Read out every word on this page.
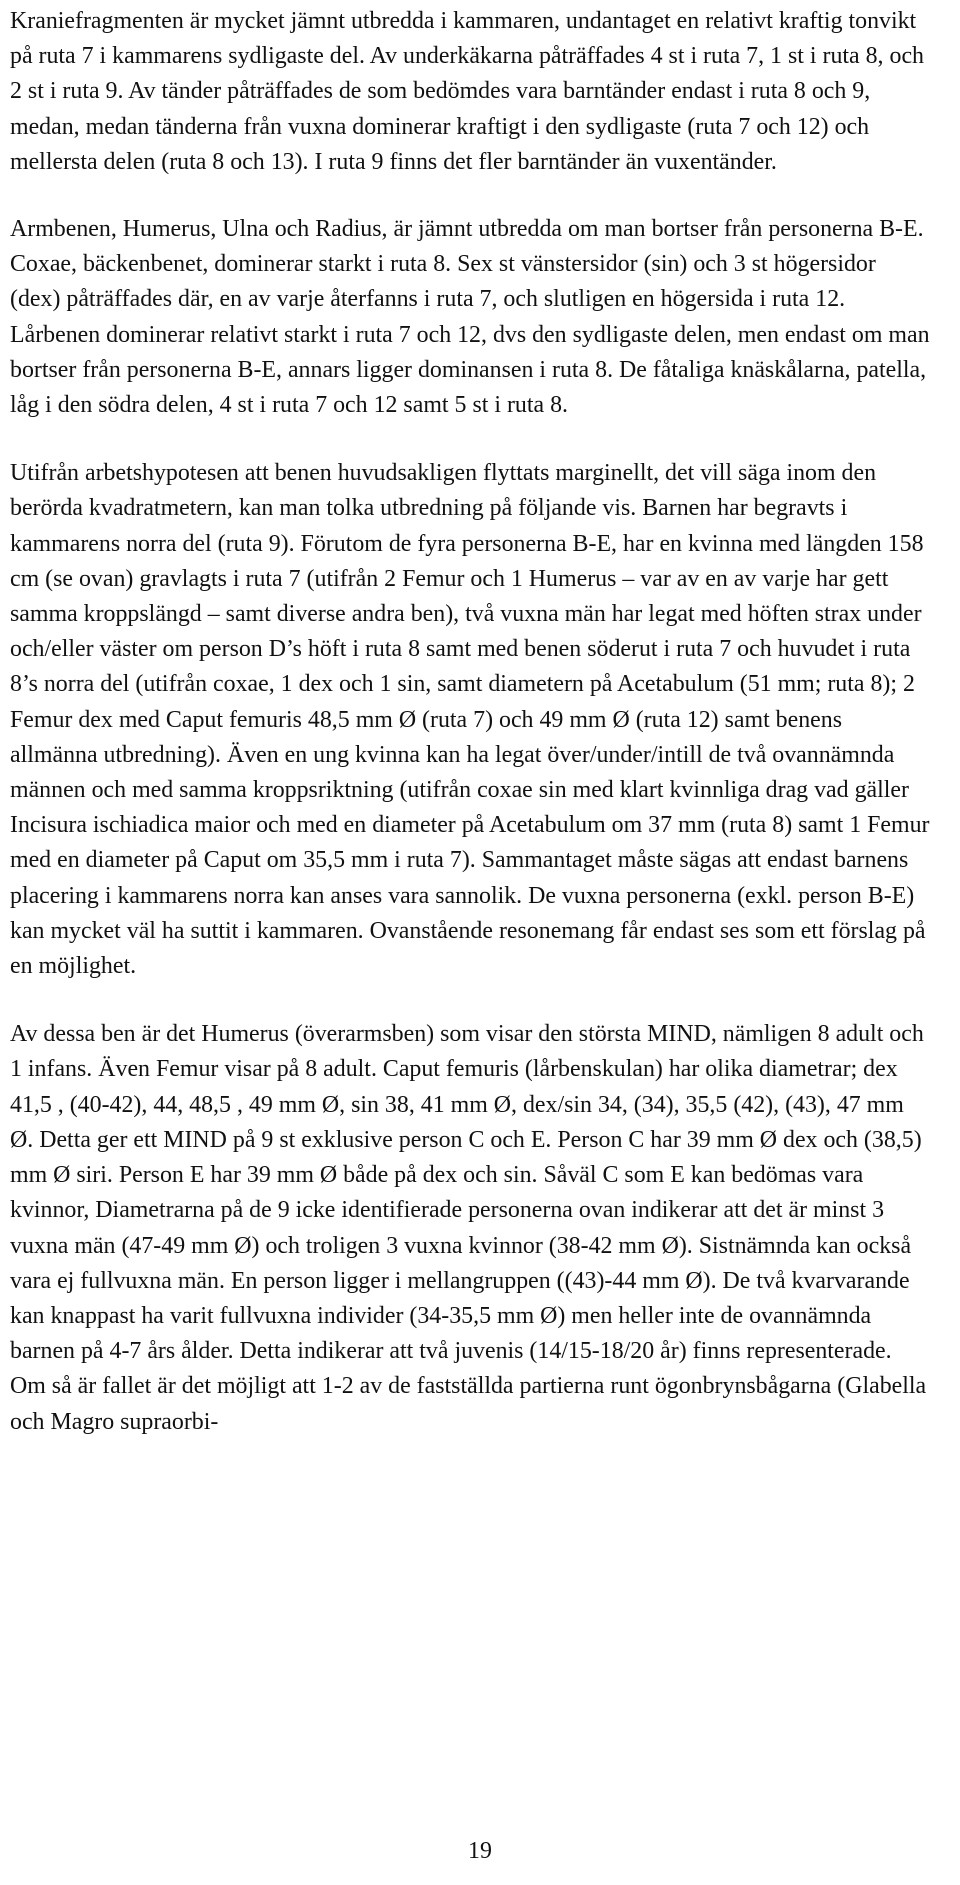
Kraniefragmenten är mycket jämnt utbredda i kammaren, undantaget en relativt kraftig tonvikt på ruta 7 i kammarens sydligaste del. Av underkäkarna påträffades 4 st i ruta 7, 1 st i ruta 8, och 2 st i ruta 9. Av tänder påträffades de som bedömdes vara barntänder endast i ruta 8 och 9, medan, medan tänderna från vuxna dominerar kraftigt i den sydligaste (ruta 7 och 12) och mellersta delen (ruta 8 och 13). I ruta 9 finns det fler barntänder än vuxentänder.

Armbenen, Humerus, Ulna och Radius, är jämnt utbredda om man bortser från personerna B-E. Coxae, bäckenbenet, dominerar starkt i ruta 8. Sex st vänstersidor (sin) och 3 st högersidor (dex) påträffades där, en av varje återfanns i ruta 7, och slutligen en högersida i ruta 12. Lårbenen dominerar relativt starkt i ruta 7 och 12, dvs den sydligaste delen, men endast om man bortser från personerna B-E, annars ligger dominansen i ruta 8. De fåtaliga knäskålarna, patella, låg i den södra delen, 4 st i ruta 7 och 12 samt 5 st i ruta 8.

Utifrån arbetshypotesen att benen huvudsakligen flyttats marginellt, det vill säga inom den berörda kvadratmetern, kan man tolka utbredning på följande vis. Barnen har begravts i kammarens norra del (ruta 9). Förutom de fyra personerna B-E, har en kvinna med längden 158 cm (se ovan) gravlagts i ruta 7 (utifrån 2 Femur och 1 Humerus – var av en av varje har gett samma kroppslängd – samt diverse andra ben), två vuxna män har legat med höften strax under och/eller väster om person D’s höft i ruta 8 samt med benen söderut i ruta 7 och huvudet i ruta 8’s norra del (utifrån coxae, 1 dex och 1 sin, samt diametern på Acetabulum (51 mm; ruta 8); 2 Femur dex med Caput femuris 48,5 mm Ø (ruta 7) och 49 mm Ø (ruta 12) samt benens allmänna utbredning). Även en ung kvinna kan ha legat över/under/intill de två ovannämnda männen och med samma kroppsriktning (utifrån coxae sin med klart kvinnliga drag vad gäller Incisura ischiadica maior och med en diameter på Acetabulum om 37 mm (ruta 8) samt 1 Femur med en diameter på Caput om 35,5 mm i ruta 7). Sammantaget måste sägas att endast barnens placering i kammarens norra kan anses vara sannolik. De vuxna personerna (exkl. person B-E) kan mycket väl ha suttit i kammaren. Ovanstående resonemang får endast ses som ett förslag på en möjlighet.

Av dessa ben är det Humerus (överarmsben) som visar den största MIND, nämligen 8 adult och 1 infans. Även Femur visar på 8 adult. Caput femuris (lårbenskulan) har olika diametrar; dex 41,5 , (40-42), 44, 48,5 , 49 mm Ø, sin 38, 41 mm Ø, dex/sin 34, (34), 35,5 (42), (43), 47 mm Ø. Detta ger ett MIND på 9 st exklusive person C och E. Person C har 39 mm Ø dex och (38,5) mm Ø siri. Person E har 39 mm Ø både på dex och sin. Såväl C som E kan bedömas vara kvinnor, Diametrarna på de 9 icke identifierade personerna ovan indikerar att det är minst 3 vuxna män (47-49 mm Ø) och troligen 3 vuxna kvinnor (38-42 mm Ø). Sistnämnda kan också vara ej fullvuxna män. En person ligger i mellangruppen ((43)-44 mm Ø). De två kvarvarande kan knappast ha varit fullvuxna individer (34-35,5 mm Ø) men heller inte de ovannämnda barnen på 4-7 års ålder. Detta indikerar att två juvenis (14/15-18/20 år) finns representerade. Om så är fallet är det möjligt att 1-2 av de fastställda partierna runt ögonbrynsbågarna (Glabella och Magro supraorbi-

19
